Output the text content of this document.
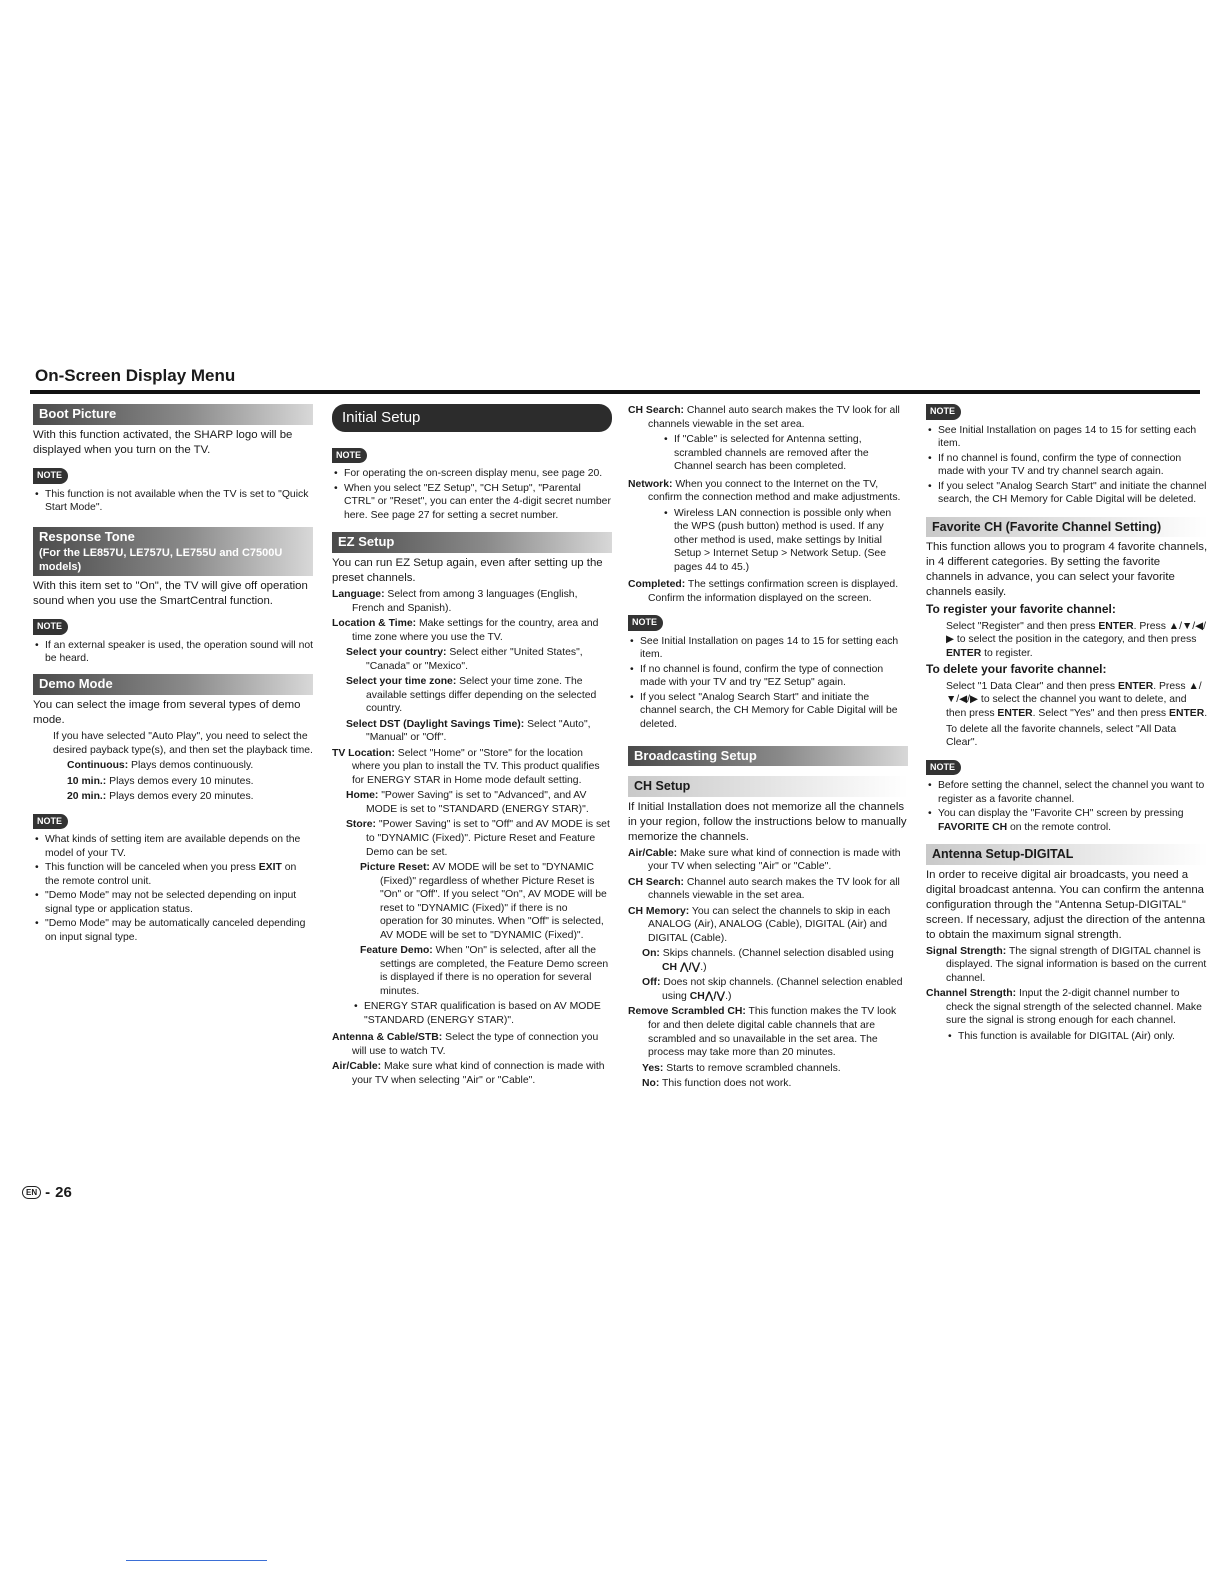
On-Screen Display Menu
Boot Picture

With this function activated, the SHARP logo will be displayed when you turn on the TV.

NOTE
• This function is not available when the TV is set to "Quick Start Mode".
Response Tone
(For the LE857U, LE757U, LE755U and C7500U models)

With this item set to "On", the TV will give off operation sound when you use the SmartCentral function.

NOTE
• If an external speaker is used, the operation sound will not be heard.
Demo Mode

You can select the image from several types of demo mode.

If you have selected "Auto Play", you need to select the desired payback type(s), and then set the playback time.

Continuous: Plays demos continuously.

10 min.: Plays demos every 10 minutes.

20 min.: Plays demos every 20 minutes.

NOTE
• What kinds of setting item are available depends on the model of your TV.
• This function will be canceled when you press EXIT on the remote control unit.
• "Demo Mode" may not be selected depending on input signal type or application status.
• "Demo Mode" may be automatically canceled depending on input signal type.
Initial Setup
NOTE
• For operating the on-screen display menu, see page 20.
• When you select "EZ Setup", "CH Setup", "Parental CTRL" or "Reset", you can enter the 4-digit secret number here. See page 27 for setting a secret number.
EZ Setup

You can run EZ Setup again, even after setting up the preset channels.

Language: Select from among 3 languages (English, French and Spanish).

Location & Time: Make settings for the country, area and time zone where you use the TV.

Select your country: Select either "United States", "Canada" or "Mexico".

Select your time zone: Select your time zone. The available settings differ depending on the selected country.

Select DST (Daylight Savings Time): Select "Auto", "Manual" or "Off".

TV Location: Select "Home" or "Store" for the location where you plan to install the TV. This product qualifies for ENERGY STAR in Home mode default setting.

Home: "Power Saving" is set to "Advanced", and AV MODE is set to "STANDARD (ENERGY STAR)".

Store: "Power Saving" is set to "Off" and AV MODE is set to "DYNAMIC (Fixed)". Picture Reset and Feature Demo can be set.

Picture Reset: AV MODE will be set to "DYNAMIC (Fixed)" regardless of whether Picture Reset is "On" or "Off". If you select "On", AV MODE will be reset to "DYNAMIC (Fixed)" if there is no operation for 30 minutes. When "Off" is selected, AV MODE will be set to "DYNAMIC (Fixed)".

Feature Demo: When "On" is selected, after all the settings are completed, the Feature Demo screen is displayed if there is no operation for several minutes.

• ENERGY STAR qualification is based on AV MODE "STANDARD (ENERGY STAR)".

Antenna & Cable/STB: Select the type of connection you will use to watch TV.

Air/Cable: Make sure what kind of connection is made with your TV when selecting "Air" or "Cable".

CH Search: Channel auto search makes the TV look for all channels viewable in the set area.

• If "Cable" is selected for Antenna setting, scrambled channels are removed after the Channel search has been completed.

Network: When you connect to the Internet on the TV, confirm the connection method and make adjustments.

• Wireless LAN connection is possible only when the WPS (push button) method is used. If any other method is used, make settings by Initial Setup > Internet Setup > Network Setup. (See pages 44 to 45.)

Completed: The settings confirmation screen is displayed. Confirm the information displayed on the screen.

NOTE
• See Initial Installation on pages 14 to 15 for setting each item.
• If no channel is found, confirm the type of connection made with your TV and try "EZ Setup" again.
• If you select "Analog Search Start" and initiate the channel search, the CH Memory for Cable Digital will be deleted.
Broadcasting Setup
CH Setup

If Initial Installation does not memorize all the channels in your region, follow the instructions below to manually memorize the channels.

Air/Cable: Make sure what kind of connection is made with your TV when selecting "Air" or "Cable".

CH Search: Channel auto search makes the TV look for all channels viewable in the set area.

CH Memory: You can select the channels to skip in each ANALOG (Air), ANALOG (Cable), DIGITAL (Air) and DIGITAL (Cable).

On: Skips channels. (Channel selection disabled using CH ⋀/⋁.)

Off: Does not skip channels. (Channel selection enabled using CH⋀/⋁.)

Remove Scrambled CH: This function makes the TV look for and then delete digital cable channels that are scrambled and so unavailable in the set area. The process may take more than 20 minutes.

Yes: Starts to remove scrambled channels.

No: This function does not work.

NOTE
• See Initial Installation on pages 14 to 15 for setting each item.
• If no channel is found, confirm the type of connection made with your TV and try channel search again.
• If you select "Analog Search Start" and initiate the channel search, the CH Memory for Cable Digital will be deleted.
Favorite CH (Favorite Channel Setting)

This function allows you to program 4 favorite channels, in 4 different categories. By setting the favorite channels in advance, you can select your favorite channels easily.

To register your favorite channel:

Select "Register" and then press ENTER. Press ▲/▼/◀/▶ to select the position in the category, and then press ENTER to register.

To delete your favorite channel:

Select "1 Data Clear" and then press ENTER. Press ▲/▼/◀/▶ to select the channel you want to delete, and then press ENTER. Select "Yes" and then press ENTER.

To delete all the favorite channels, select "All Data Clear".

NOTE
• Before setting the channel, select the channel you want to register as a favorite channel.
• You can display the "Favorite CH" screen by pressing FAVORITE CH on the remote control.
Antenna Setup-DIGITAL

In order to receive digital air broadcasts, you need a digital broadcast antenna. You can confirm the antenna configuration through the "Antenna Setup-DIGITAL" screen. If necessary, adjust the direction of the antenna to obtain the maximum signal strength.

Signal Strength: The signal strength of DIGITAL channel is displayed. The signal information is based on the current channel.

Channel Strength: Input the 2-digit channel number to check the signal strength of the selected channel. Make sure the signal is strong enough for each channel.

• This function is available for DIGITAL (Air) only.
EN - 26
